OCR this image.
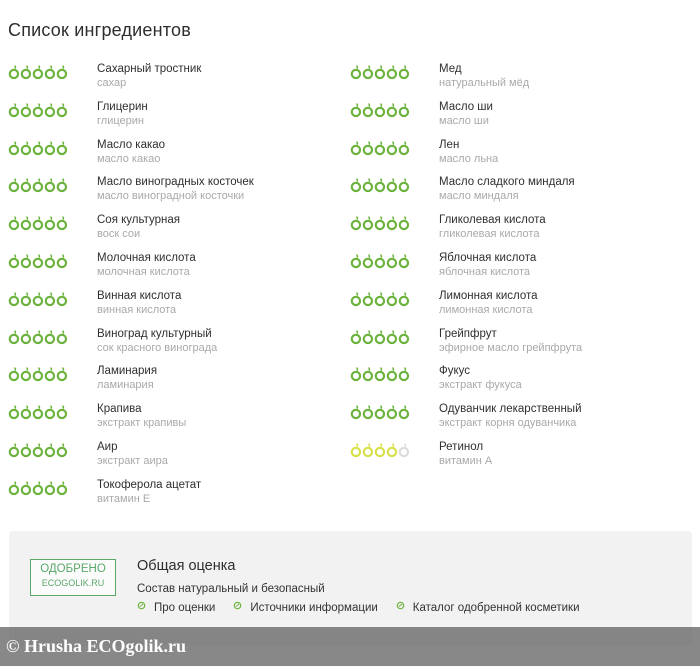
Список ингредиентов
Сахарный тростник
сахар
Глицерин
глицерин
Масло какао
масло какао
Масло виноградных косточек
масло виноградной косточки
Соя культурная
воск сои
Молочная кислота
молочная кислота
Винная кислота
винная кислота
Виноград культурный
сок красного винограда
Ламинария
ламинария
Крапива
экстракт крапивы
Аир
экстракт аира
Токоферола ацетат
витамин Е
Мед
натуральный мёд
Масло ши
масло ши
Лен
масло льна
Масло сладкого миндаля
масло миндаля
Гликолевая кислота
гликолевая кислота
Яблочная кислота
яблочная кислота
Лимонная кислота
лимонная кислота
Грейпфрут
эфирное масло грейпфрута
Фукус
экстракт фукуса
Одуванчик лекарственный
экстракт корня одуванчика
Ретинол
витамин А
ОДОБРЕНО
ECOGOLIK.RU
Общая оценка
Состав натуральный и безопасный
Про оценки	Источники информации	Каталог одобренной косметики
© Hrusha ECOgolik.ru
